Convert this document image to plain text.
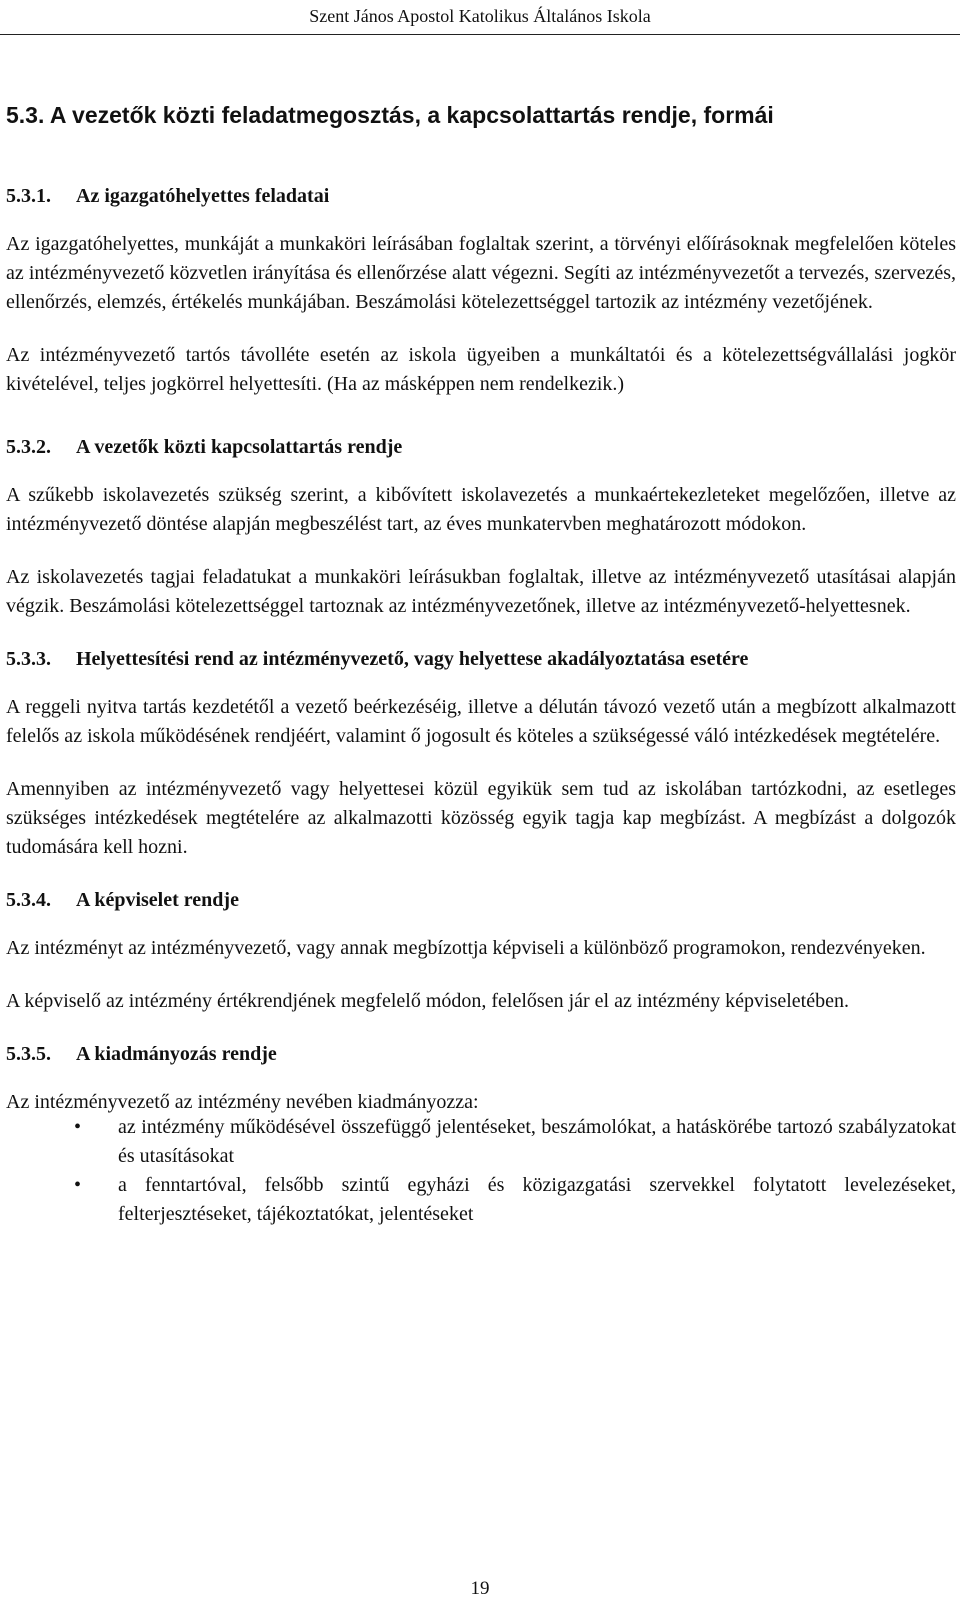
Szent János Apostol Katolikus Általános Iskola
5.3. A vezetők közti feladatmegosztás, a kapcsolattartás rendje, formái
5.3.1. Az igazgatóhelyettes feladatai

Az igazgatóhelyettes, munkáját a munkaköri leírásában foglaltak szerint, a törvényi előírásoknak megfelelően köteles az intézményvezető közvetlen irányítása és ellenőrzése alatt végezni. Segíti az intézményvezetőt a tervezés, szervezés, ellenőrzés, elemzés, értékelés munkájában. Beszámolási kötelezettséggel tartozik az intézmény vezetőjének.

Az intézményvezető tartós távolléte esetén az iskola ügyeiben a munkáltatói és a kötelezettségvállalási jogkör kivételével, teljes jogkörrel helyettesíti. (Ha az másképpen nem rendelkezik.)

5.3.2. A vezetők közti kapcsolattartás rendje

A szűkebb iskolavezetés szükség szerint, a kibővített iskolavezetés a munkaértekezleteket megelőzően, illetve az intézményvezető döntése alapján megbeszélést tart, az éves munkatervben meghatározott módokon.

Az iskolavezetés tagjai feladatukat a munkaköri leírásukban foglaltak, illetve az intézményvezető utasításai alapján végzik. Beszámolási kötelezettséggel tartoznak az intézményvezetőnek, illetve az intézményvezető-helyettesnek.

5.3.3. Helyettesítési rend az intézményvezető, vagy helyettese akadályoztatása esetére

A reggeli nyitva tartás kezdetétől a vezető beérkezéséig, illetve a délután távozó vezető után a megbízott alkalmazott felelős az iskola működésének rendjéért, valamint ő jogosult és köteles a szükségessé váló intézkedések megtételére.

Amennyiben az intézményvezető vagy helyettesei közül egyikük sem tud az iskolában tartózkodni, az esetleges szükséges intézkedések megtételére az alkalmazotti közösség egyik tagja kap megbízást. A megbízást a dolgozók tudomására kell hozni.

5.3.4. A képviselet rendje

Az intézményt az intézményvezető, vagy annak megbízottja képviseli a különböző programokon, rendezvényeken.

A képviselő az intézmény értékrendjének megfelelő módon, felelősen jár el az intézmény képviseletében.

5.3.5. A kiadmányozás rendje

Az intézményvezető az intézmény nevében kiadmányozza:

• az intézmény működésével összefüggő jelentéseket, beszámolókat, a hatáskörébe tartozó szabályzatokat és utasításokat
• a fenntartóval, felsőbb szintű egyházi és közigazgatási szervekkel folytatott levelezéseket, felterjesztéseket, tájékoztatókat, jelentéseket
19
